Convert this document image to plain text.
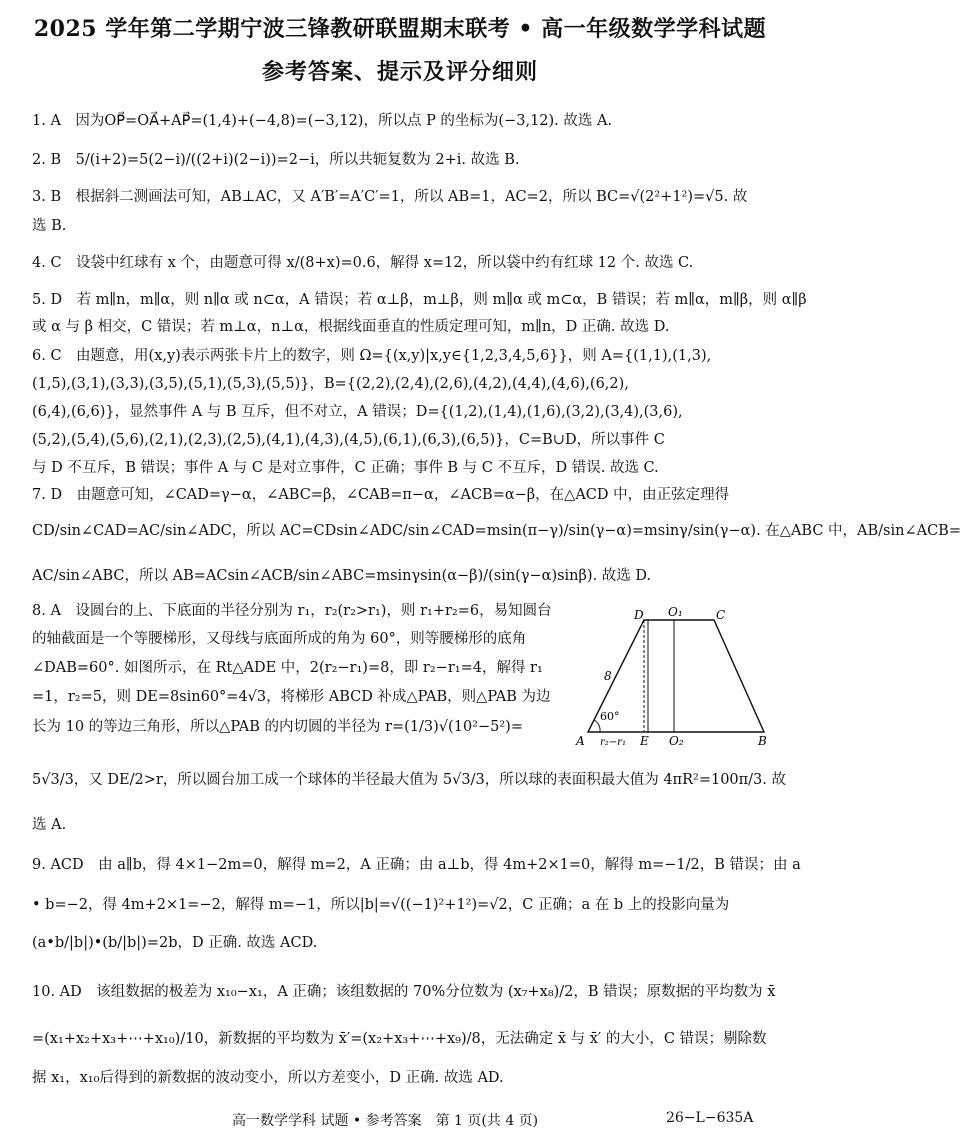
2025 学年第二学期宁波三锋教研联盟期末联考 • 高一年级数学学科试题
参考答案、提示及评分细则
1. A　因为OP⃗=OA⃗+AP⃗=(1,4)+(−4,8)=(−3,12)，所以点 P 的坐标为(−3,12). 故选 A.
2. B　5/(i+2)=5(2−i)/((2+i)(2−i))=2−i，所以共轭复数为 2+i. 故选 B.
3. B　根据斜二测画法可知，AB⊥AC，又 A′B′=A′C′=1，所以 AB=1，AC=2，所以 BC=√(2²+1²)=√5. 故
选 B.
4. C　设袋中红球有 x 个，由题意可得 x/(8+x)=0.6，解得 x=12，所以袋中约有红球 12 个. 故选 C.
5. D　若 m∥n，m∥α，则 n∥α 或 n⊂α，A 错误；若 α⊥β，m⊥β，则 m∥α 或 m⊂α，B 错误；若 m∥α，m∥β，则 α∥β
或 α 与 β 相交，C 错误；若 m⊥α，n⊥α，根据线面垂直的性质定理可知，m∥n，D 正确. 故选 D.
6. C　由题意，用(x,y)表示两张卡片上的数字，则 Ω={(x,y)|x,y∈{1,2,3,4,5,6}}，则 A={(1,1),(1,3),
(1,5),(3,1),(3,3),(3,5),(5,1),(5,3),(5,5)}，B={(2,2),(2,4),(2,6),(4,2),(4,4),(4,6),(6,2),
(6,4),(6,6)}，显然事件 A 与 B 互斥，但不对立，A 错误；D={(1,2),(1,4),(1,6),(3,2),(3,4),(3,6),
(5,2),(5,4),(5,6),(2,1),(2,3),(2,5),(4,1),(4,3),(4,5),(6,1),(6,3),(6,5)}，C=B∪D，所以事件 C
与 D 不互斥，B 错误；事件 A 与 C 是对立事件，C 正确；事件 B 与 C 不互斥，D 错误. 故选 C.
7. D　由题意可知，∠CAD=γ−α，∠ABC=β，∠CAB=π−α，∠ACB=α−β，在△ACD 中，由正弦定理得
CD/sin∠CAD=AC/sin∠ADC，所以 AC=CDsin∠ADC/sin∠CAD=msin(π−γ)/sin(γ−α)=msinγ/sin(γ−α). 在△ABC 中，AB/sin∠ACB=
AC/sin∠ABC，所以 AB=ACsin∠ACB/sin∠ABC=msinγsin(α−β)/(sin(γ−α)sinβ). 故选 D.
8. A　设圆台的上、下底面的半径分别为 r₁，r₂(r₂>r₁)，则 r₁+r₂=6，易知圆台
的轴截面是一个等腰梯形，又母线与底面所成的角为 60°，则等腰梯形的底角
∠DAB=60°. 如图所示，在 Rt△ADE 中，2(r₂−r₁)=8，即 r₂−r₁=4，解得 r₁
=1，r₂=5，则 DE=8sin60°=4√3，将梯形 ABCD 补成△PAB，则△PAB 为边
长为 10 的等边三角形，所以△PAB 的内切圆的半径为 r=(1/3)√(10²−5²)=
5√3/3，又 DE/2>r，所以圆台加工成一个球体的半径最大值为 5√3/3，所以球的表面积最大值为 4πR²=100π/3. 故
选 A.
9. ACD　由 a∥b，得 4×1−2m=0，解得 m=2，A 正确；由 a⊥b，得 4m+2×1=0，解得 m=−1/2，B 错误；由 a
• b=−2，得 4m+2×1=−2，解得 m=−1，所以|b|=√((−1)²+1²)=√2，C 正确；a 在 b 上的投影向量为
(a•b/|b|)•(b/|b|)=2b，D 正确. 故选 ACD.
10. AD　该组数据的极差为 x₁₀−x₁，A 正确；该组数据的 70%分位数为 (x₇+x₈)/2，B 错误；原数据的平均数为 x̄
=(x₁+x₂+x₃+⋯+x₁₀)/10，新数据的平均数为 x̄′=(x₂+x₃+⋯+x₉)/8，无法确定 x̄ 与 x̄′ 的大小，C 错误；剔除数
据 x₁，x₁₀后得到的新数据的波动变小，所以方差变小，D 正确. 故选 AD.
D O₁	C
8
60°
A r₂−r₁ E O₂	B
高一数学学科 试题 • 参考答案　第 1 页(共 4 页)	26−L−635A
